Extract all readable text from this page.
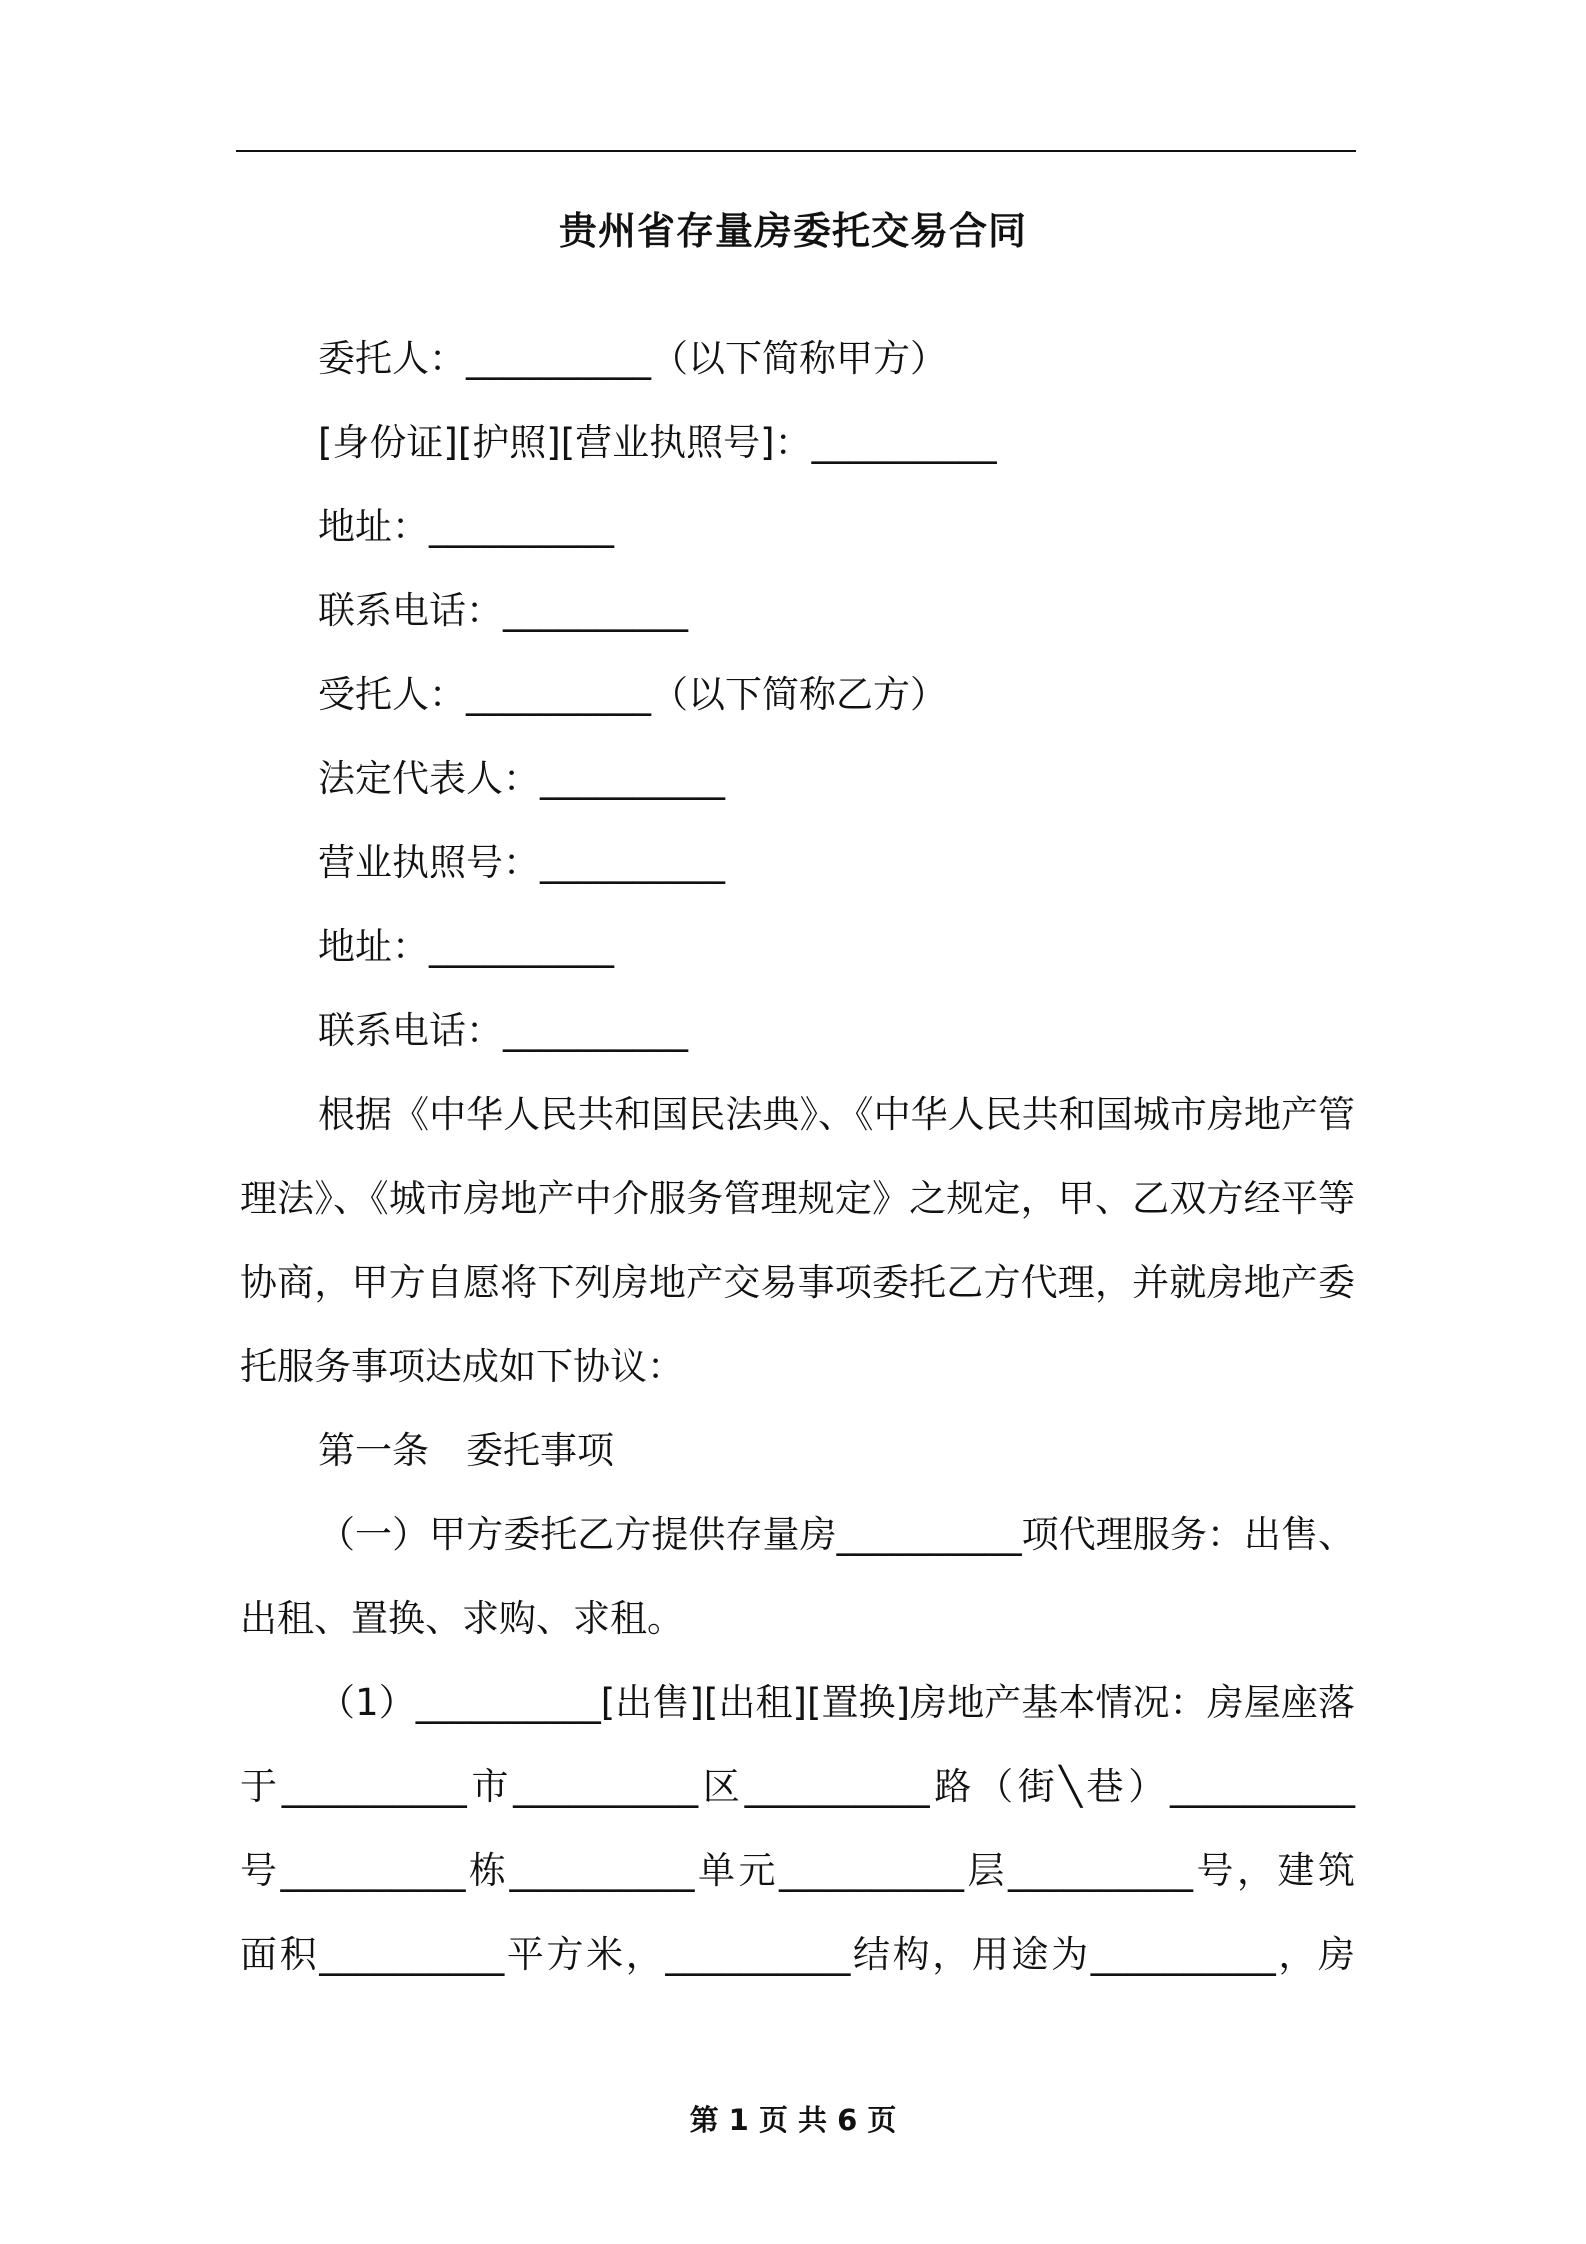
贵州省存量房委托交易合同
委托人：__________（以下简称甲方）
[身份证][护照][营业执照号]：__________
地址：__________
联系电话：__________
受托人：__________（以下简称乙方）
法定代表人：__________
营业执照号：__________
地址：__________
联系电话：__________
根据《中华人民共和国民法典》、《中华人民共和国城市房地产管
理法》、《城市房地产中介服务管理规定》之规定，甲、乙双方经平等
协商，甲方自愿将下列房地产交易事项委托乙方代理，并就房地产委
托服务事项达成如下协议：
第一条　委托事项
（一）甲方委托乙方提供存量房__________项代理服务：出售、
出租、置换、求购、求租。
（1）__________[出售][出租][置换]房地产基本情况：房屋座落
于__________市__________区__________路（街╲巷）__________
号__________栋__________单元__________层__________号，建筑
面积__________平方米，__________结构，用途为__________，房
第 1 页 共 6 页
